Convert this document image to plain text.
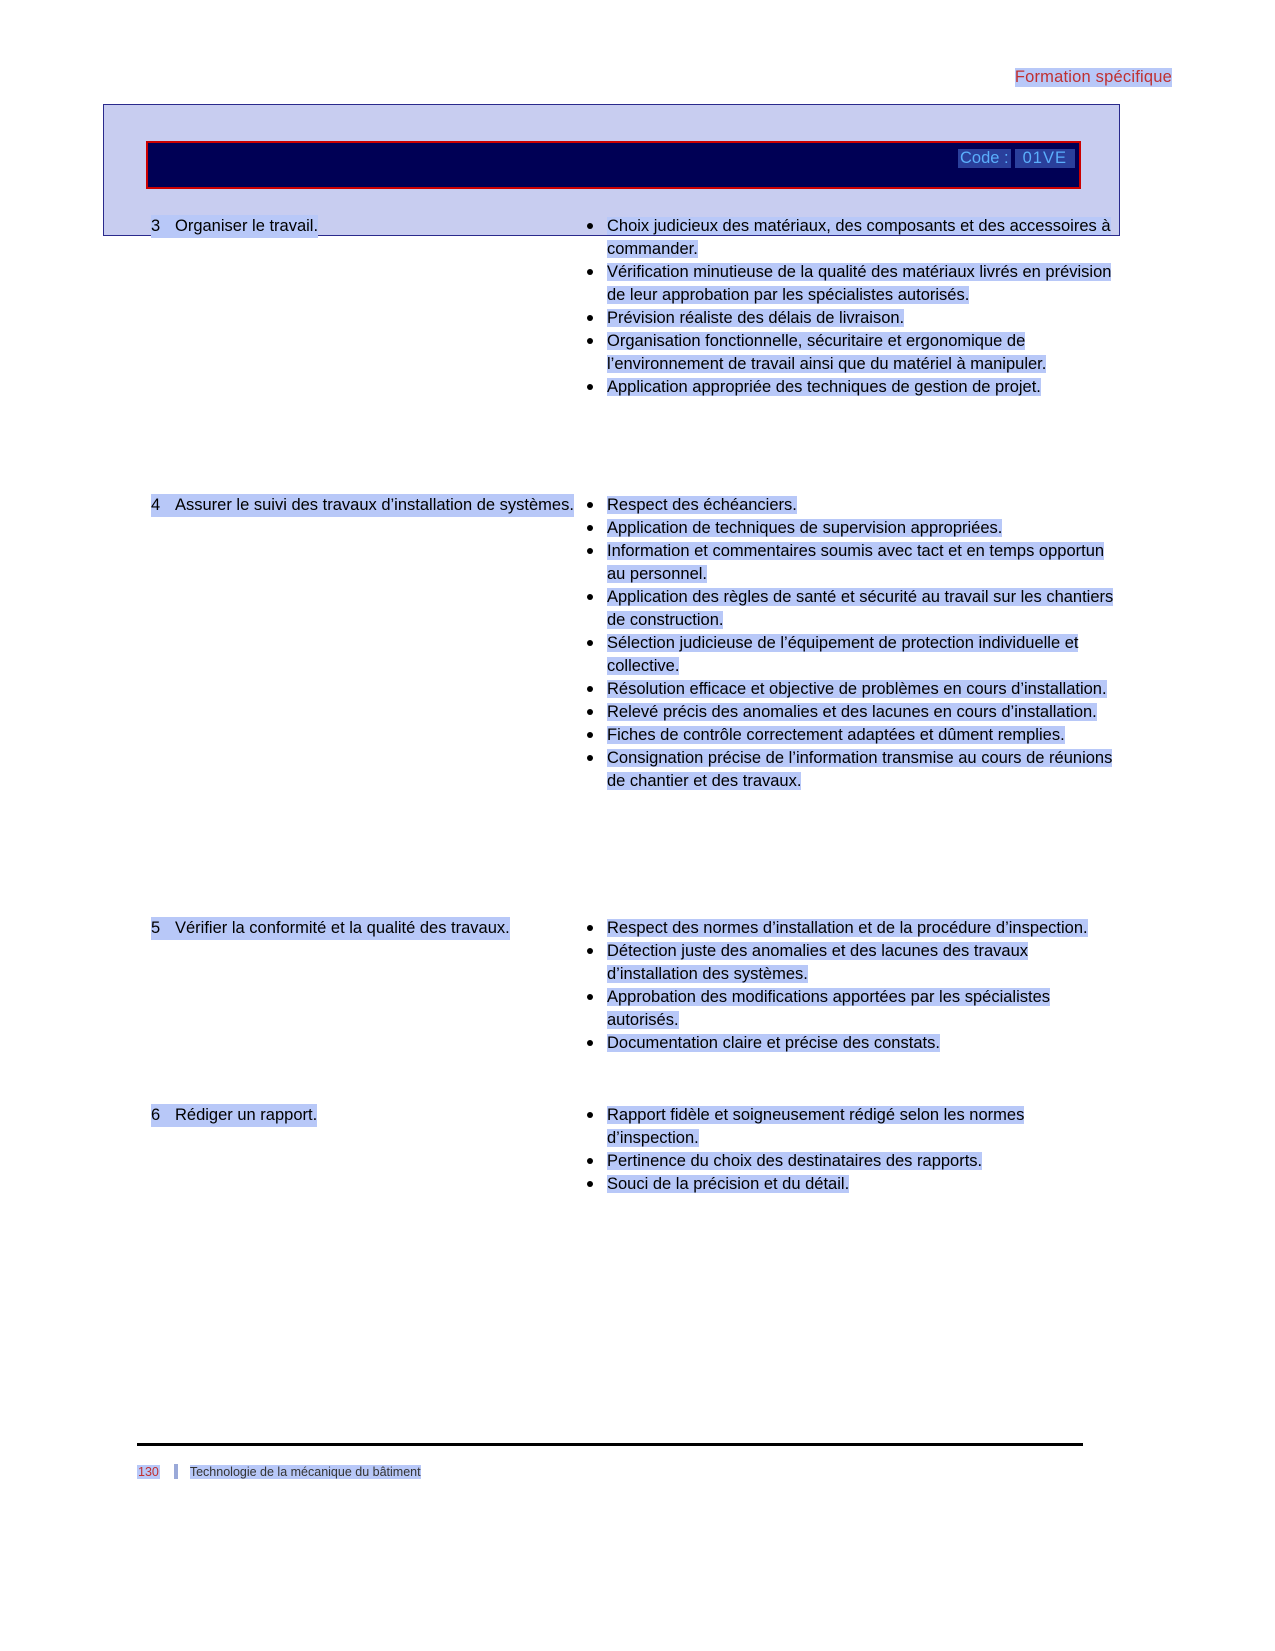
Formation spécifique
Code : 01VE
3 Organiser le travail.	Choix judicieux des matériaux, des composants et des accessoires à commander.
Vérification minutieuse de la qualité des matériaux livrés en prévision de leur approbation par les spécialistes autorisés.
Prévision réaliste des délais de livraison.
Organisation fonctionnelle, sécuritaire et ergonomique de l’environnement de travail ainsi que du matériel à manipuler.
Application appropriée des techniques de gestion de projet.
4 Assurer le suivi des travaux d’installation de systèmes.	Respect des échéanciers.
Application de techniques de supervision appropriées.
Information et commentaires soumis avec tact et en temps opportun au personnel.
Application des règles de santé et sécurité au travail sur les chantiers de construction.
Sélection judicieuse de l’équipement de protection individuelle et collective.
Résolution efficace et objective de problèmes en cours d’installation.
Relevé précis des anomalies et des lacunes en cours d’installation.
Fiches de contrôle correctement adaptées et dûment remplies.
Consignation précise de l’information transmise au cours de réunions de chantier et des travaux.
5 Vérifier la conformité et la qualité des travaux.	Respect des normes d’installation et de la procédure d’inspection.
Détection juste des anomalies et des lacunes des travaux d’installation des systèmes.
Approbation des modifications apportées par les spécialistes autorisés.
Documentation claire et précise des constats.
6 Rédiger un rapport.	Rapport fidèle et soigneusement rédigé selon les normes d’inspection.
Pertinence du choix des destinataires des rapports.
Souci de la précision et du détail.
130 Technologie de la mécanique du bâtiment
